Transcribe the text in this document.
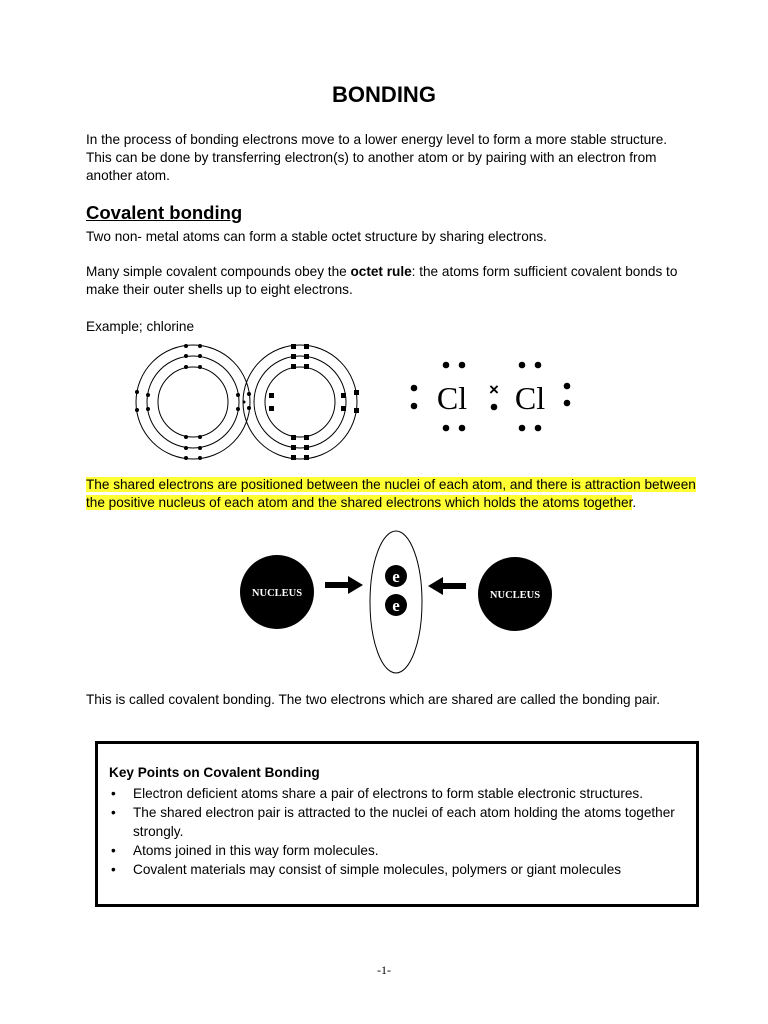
BONDING

In the process of bonding electrons move to a lower energy level to form a more stable structure. This can be done by transferring electron(s) to another atom or by pairing with an electron from another atom.

Covalent bonding

Two non- metal atoms can form a stable octet structure by sharing electrons.

Many simple covalent compounds obey the octet rule: the atoms form sufficient covalent bonds to make their outer shells up to eight electrons.

Example; chlorine

Cl Cl
×

The shared electrons are positioned between the nuclei of each atom, and there is attraction between the positive nucleus of each atom and the shared electrons which holds the atoms together.

NUCLEUS	NUCLEUS
e
e

This is called covalent bonding. The two electrons which are shared are called the bonding pair.

Key Points on Covalent Bonding
• Electron deficient atoms share a pair of electrons to form stable electronic structures.
• The shared electron pair is attracted to the nuclei of each atom holding the atoms together strongly.
• Atoms joined in this way form molecules.
• Covalent materials may consist of simple molecules, polymers or giant molecules

-1-
